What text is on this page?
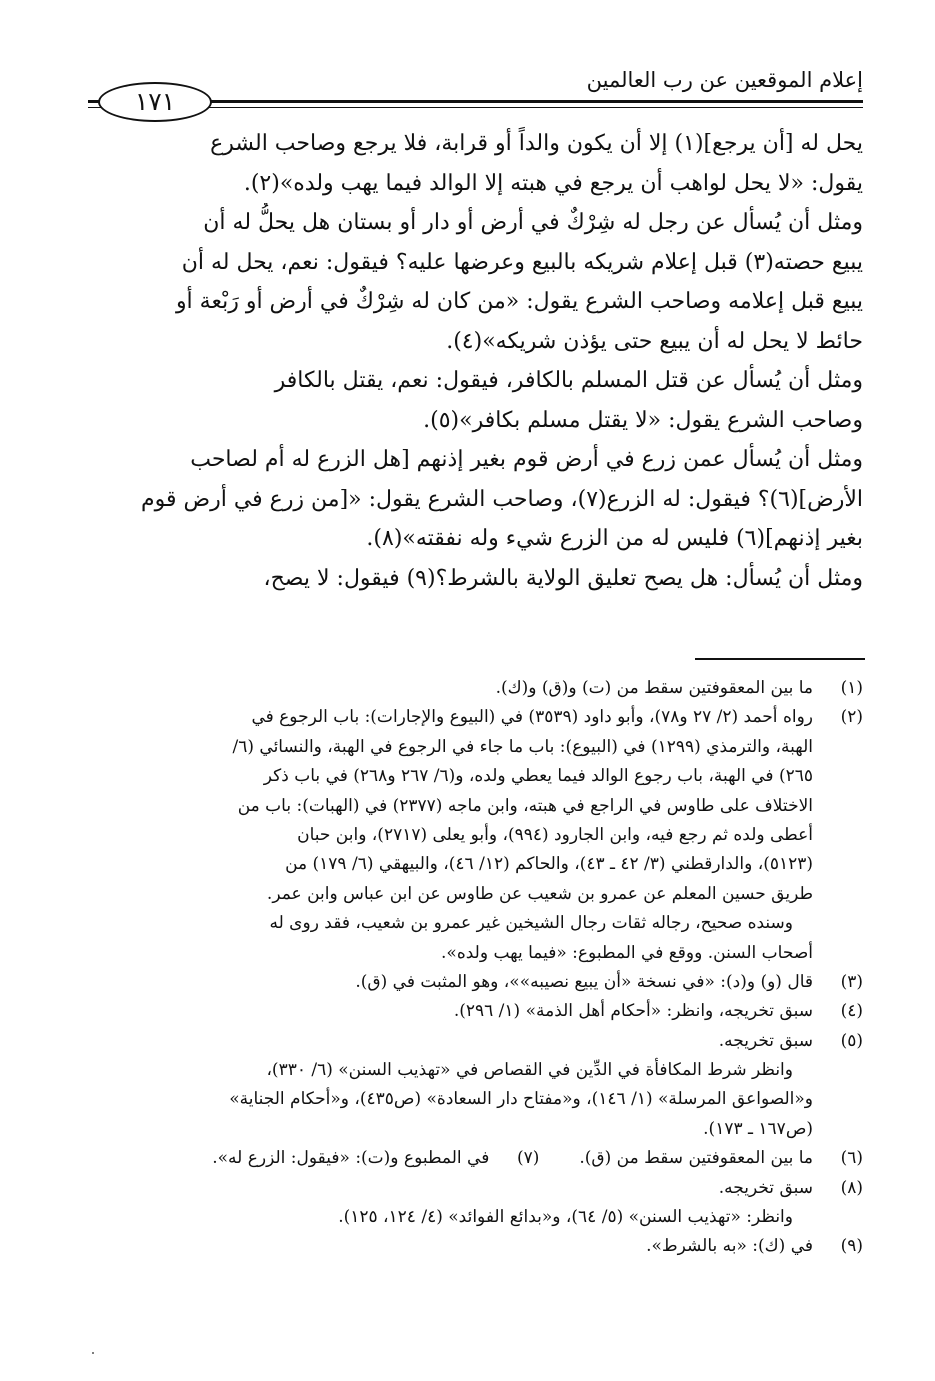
إعلام الموقعين عن رب العالمين
١٧١
يحل له [أن يرجع](١) إلا أن يكون والداً أو قرابة، فلا يرجع وصاحب الشرع
يقول: «لا يحل لواهب أن يرجع في هبته إلا الوالد فيما يهب ولده»(٢).
ومثل أن يُسأل عن رجل له شِرْكٌ في أرض أو دار أو بستان هل يحلُّ له أن
يبيع حصته(٣) قبل إعلام شريكه بالبيع وعرضها عليه؟ فيقول: نعم، يحل له أن
يبيع قبل إعلامه وصاحب الشرع يقول: «من كان له شِرْكٌ في أرض أو رَبْعة أو
حائط لا يحل له أن يبيع حتى يؤذن شريكه»(٤).
ومثل أن يُسأل عن قتل المسلم بالكافر، فيقول: نعم، يقتل بالكافر
وصاحب الشرع يقول: «لا يقتل مسلم بكافر»(٥).
ومثل أن يُسأل عمن زرع في أرض قوم بغير إذنهم [هل الزرع له أم لصاحب
الأرض](٦)؟ فيقول: له الزرع(٧)، وصاحب الشرع يقول: «[من زرع في أرض قوم
بغير إذنهم](٦) فليس له من الزرع شيء وله نفقته»(٨).
ومثل أن يُسأل: هل يصح تعليق الولاية بالشرط؟(٩) فيقول: لا يصح،
(١)
ما بين المعقوفتين سقط من (ت) و(ق) و(ك).
(٢)
رواه أحمد (٢/ ٢٧ و٧٨)، وأبو داود (٣٥٣٩) في (البيوع والإجارات): باب الرجوع في
الهبة، والترمذي (١٢٩٩) في (البيوع): باب ما جاء في الرجوع في الهبة، والنسائي (٦/
٢٦٥) في الهبة، باب رجوع الوالد فيما يعطي ولده، و(٦/ ٢٦٧ و٢٦٨) في باب ذكر
الاختلاف على طاوس في الراجع في هبته، وابن ماجه (٢٣٧٧) في (الهبات): باب من
أعطى ولده ثم رجع فيه، وابن الجارود (٩٩٤)، وأبو يعلى (٢٧١٧)، وابن حبان
(٥١٢٣)، والدارقطني (٣/ ٤٢ ـ ٤٣)، والحاكم (١٢/ ٤٦)، والبيهقي (٦/ ١٧٩) من
طريق حسين المعلم عن عمرو بن شعيب عن طاوس عن ابن عباس وابن عمر.
وسنده صحيح، رجاله ثقات رجال الشيخين غير عمرو بن شعيب، فقد روى له
أصحاب السنن. ووقع في المطبوع: «فيما يهب ولده».
(٣)
قال (و) و(د): «في نسخة «أن يبيع نصيبه»»، وهو المثبت في (ق).
(٤)
سبق تخريجه، وانظر: «أحكام أهل الذمة» (١/ ٢٩٦).
(٥)
سبق تخريجه.
وانظر شرط المكافأة في الدِّين في القصاص في «تهذيب السنن» (٦/ ٣٣٠)،
و«الصواعق المرسلة» (١/ ١٤٦)، و«مفتاح دار السعادة» (ص٤٣٥)، و«أحكام الجناية»
(ص١٦٧ ـ ١٧٣).
(٦)
ما بين المعقوفتين سقط من (ق).
(٧)
في المطبوع و(ت): «فيقول: الزرع له».
(٨)
سبق تخريجه.
وانظر: «تهذيب السنن» (٥/ ٦٤)، و«بدائع الفوائد» (٤/ ١٢٤، ١٢٥).
(٩)
في (ك): «به بالشرط».
